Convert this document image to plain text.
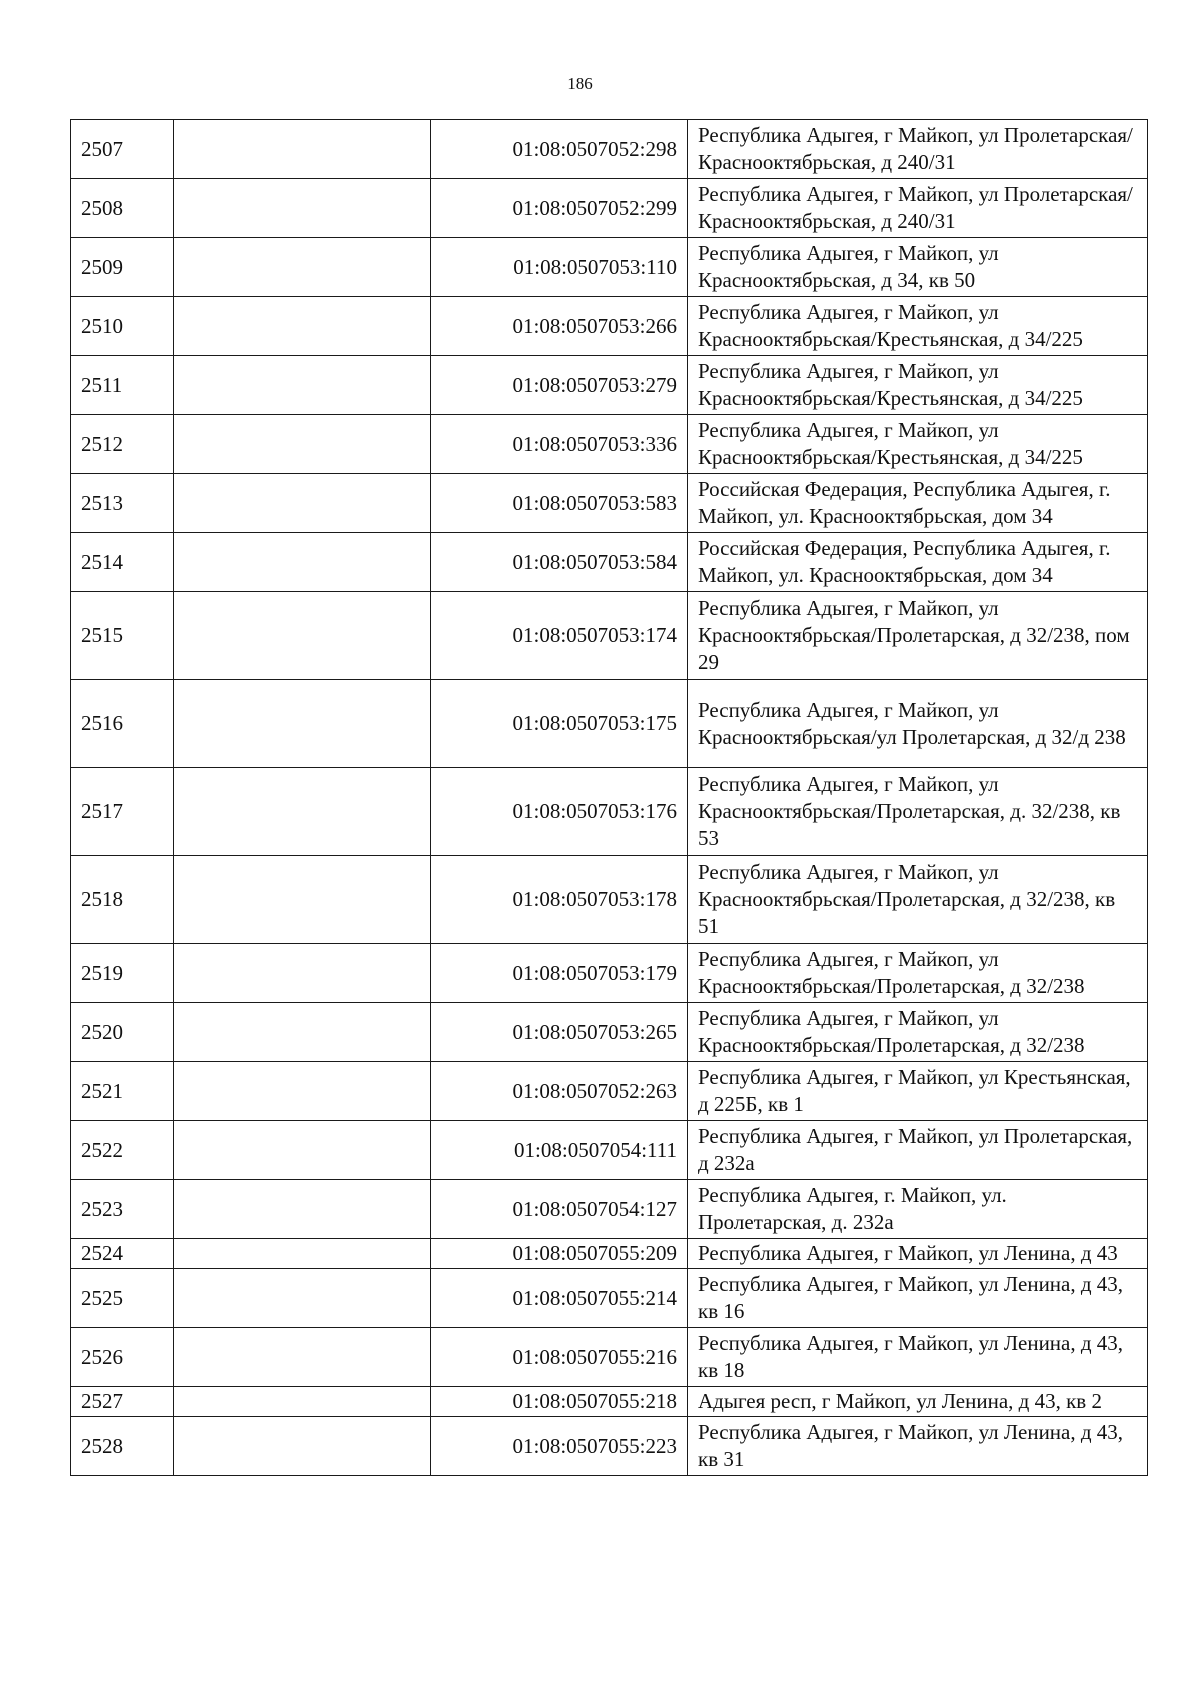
186
2507		01:08:0507052:298	Республика Адыгея, г Майкоп, ул Пролетарская/Краснооктябрьская, д 240/31
2508		01:08:0507052:299	Республика Адыгея, г Майкоп, ул Пролетарская/Краснооктябрьская, д 240/31
2509		01:08:0507053:110	Республика Адыгея, г Майкоп, ул Краснооктябрьская, д 34, кв 50
2510		01:08:0507053:266	Республика Адыгея, г Майкоп, ул Краснооктябрьская/Крестьянская, д 34/225
2511		01:08:0507053:279	Республика Адыгея, г Майкоп, ул Краснооктябрьская/Крестьянская, д 34/225
2512		01:08:0507053:336	Республика Адыгея, г Майкоп, ул Краснооктябрьская/Крестьянская, д 34/225
2513		01:08:0507053:583	Российская Федерация, Республика Адыгея, г. Майкоп, ул. Краснооктябрьская, дом 34
2514		01:08:0507053:584	Российская Федерация, Республика Адыгея, г. Майкоп, ул. Краснооктябрьская, дом 34
2515		01:08:0507053:174	Республика Адыгея, г Майкоп, ул Краснооктябрьская/Пролетарская, д 32/238, пом 29
2516		01:08:0507053:175	Республика Адыгея, г Майкоп, ул Краснооктябрьская/ул Пролетарская, д 32/д 238
2517		01:08:0507053:176	Республика Адыгея, г Майкоп, ул Краснооктябрьская/Пролетарская, д. 32/238, кв 53
2518		01:08:0507053:178	Республика Адыгея, г Майкоп, ул Краснооктябрьская/Пролетарская, д 32/238, кв 51
2519		01:08:0507053:179	Республика Адыгея, г Майкоп, ул Краснооктябрьская/Пролетарская, д 32/238
2520		01:08:0507053:265	Республика Адыгея, г Майкоп, ул Краснооктябрьская/Пролетарская, д 32/238
2521		01:08:0507052:263	Республика Адыгея, г Майкоп, ул Крестьянская, д 225Б, кв 1
2522		01:08:0507054:111	Республика Адыгея, г Майкоп, ул Пролетарская, д 232а
2523		01:08:0507054:127	Республика Адыгея, г. Майкоп, ул. Пролетарская, д. 232а
2524		01:08:0507055:209	Республика Адыгея, г Майкоп, ул Ленина, д 43
2525		01:08:0507055:214	Республика Адыгея, г Майкоп, ул Ленина, д 43, кв 16
2526		01:08:0507055:216	Республика Адыгея, г Майкоп, ул Ленина, д 43, кв 18
2527		01:08:0507055:218	Адыгея респ, г Майкоп, ул Ленина, д 43, кв 2
2528		01:08:0507055:223	Республика Адыгея, г Майкоп, ул Ленина, д 43, кв 31
